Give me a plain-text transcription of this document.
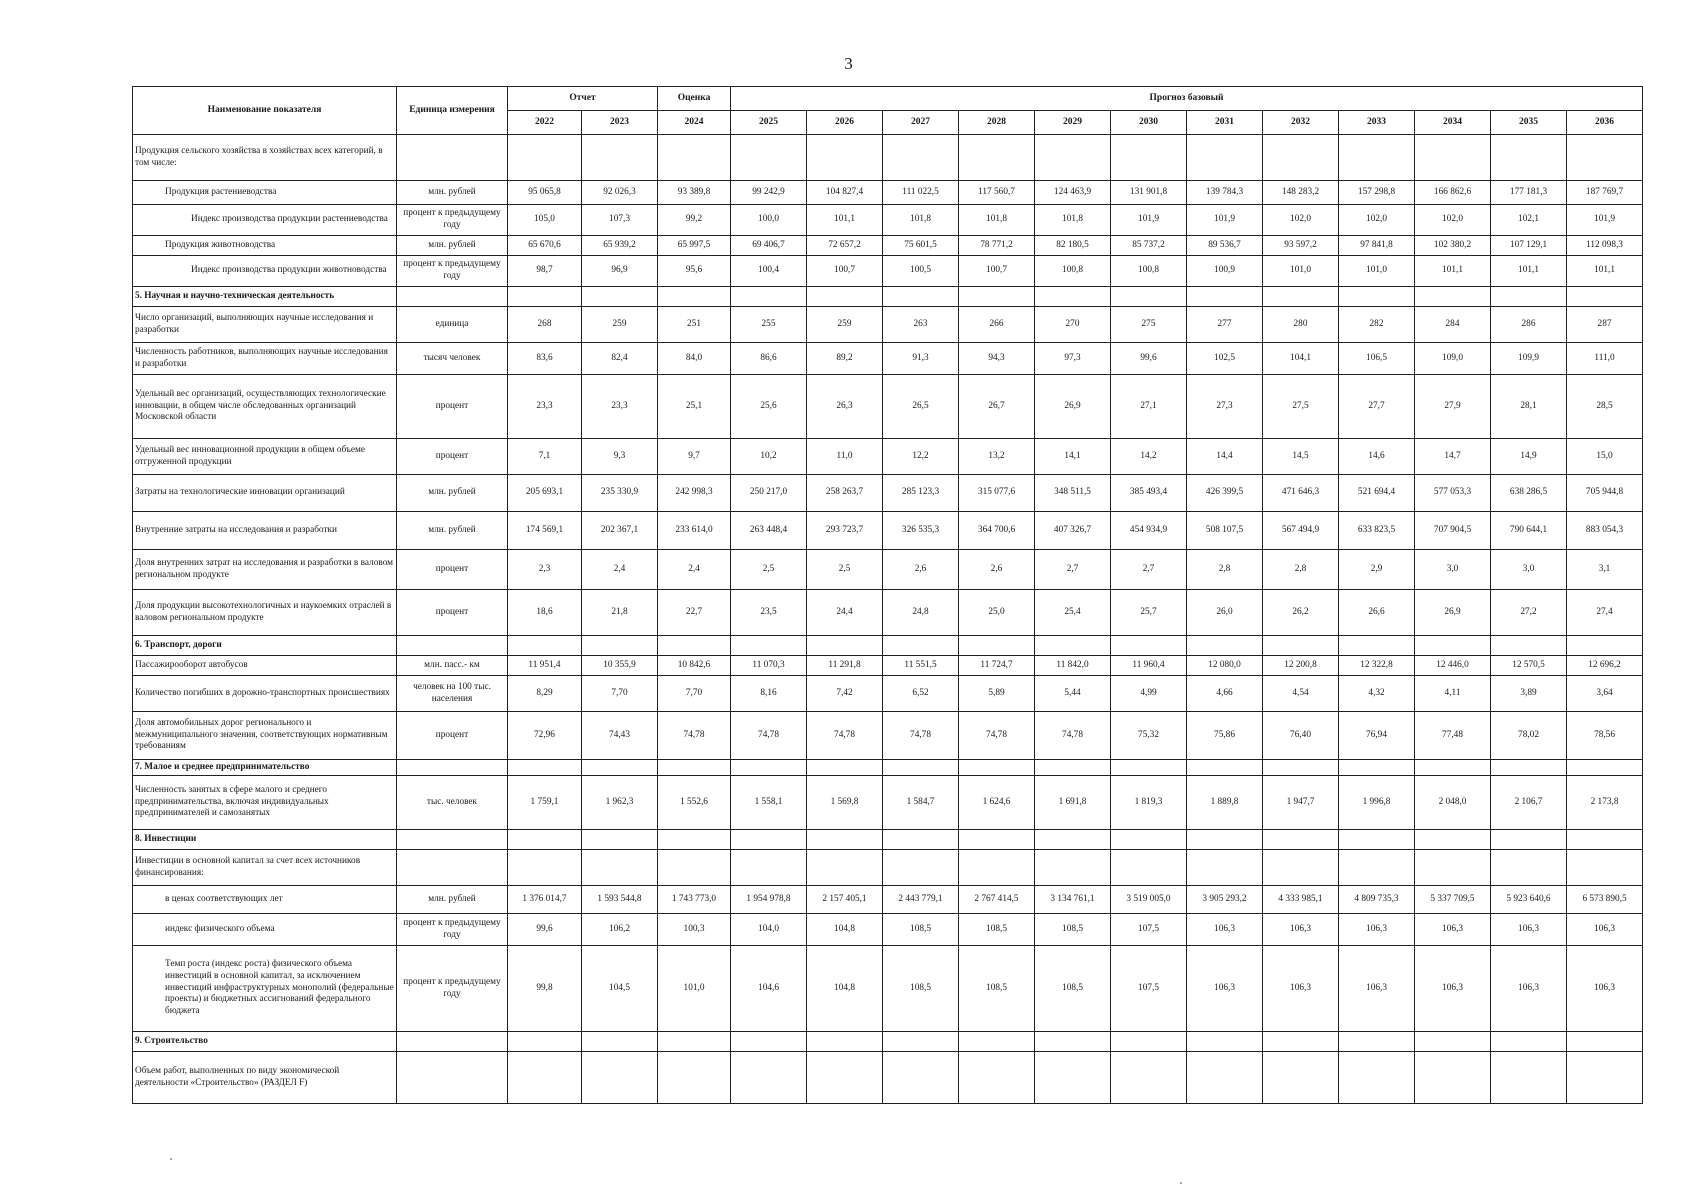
3
Наименование показателя	Единица измерения	Отчет		Оценка	Прогноз базовый											
		2022	2023	2024	2025	2026	2027	2028	2029	2030	2031	2032	2033	2034	2035	2036
Продукция сельского хозяйства в хозяйствах всех категорий, в том числе:																
Продукция растениеводства	млн. рублей	95 065,8	92 026,3	93 389,8	99 242,9	104 827,4	111 022,5	117 560,7	124 463,9	131 901,8	139 784,3	148 283,2	157 298,8	166 862,6	177 181,3	187 769,7
Индекс производства продукции растениеводства	процент к предыдущему году	105,0	107,3	99,2	100,0	101,1	101,8	101,8	101,8	101,9	101,9	102,0	102,0	102,0	102,1	101,9
Продукция животноводства	млн. рублей	65 670,6	65 939,2	65 997,5	69 406,7	72 657,2	75 601,5	78 771,2	82 180,5	85 737,2	89 536,7	93 597,2	97 841,8	102 380,2	107 129,1	112 098,3
Индекс производства продукции животноводства	процент к предыдущему году	98,7	96,9	95,6	100,4	100,7	100,5	100,7	100,8	100,8	100,9	101,0	101,0	101,1	101,1	101,1
5. Научная и научно-техническая деятельность																
Число организаций, выполняющих научные исследования и разработки	единица	268	259	251	255	259	263	266	270	275	277	280	282	284	286	287
Численность работников, выполняющих научные исследования и разработки	тысяч человек	83,6	82,4	84,0	86,6	89,2	91,3	94,3	97,3	99,6	102,5	104,1	106,5	109,0	109,9	111,0
Удельный вес организаций, осуществляющих технологические инновации, в общем числе обследованных организаций Московской области	процент	23,3	23,3	25,1	25,6	26,3	26,5	26,7	26,9	27,1	27,3	27,5	27,7	27,9	28,1	28,5
Удельный вес инновационной продукции в общем объеме отгруженной продукции	процент	7,1	9,3	9,7	10,2	11,0	12,2	13,2	14,1	14,2	14,4	14,5	14,6	14,7	14,9	15,0
Затраты на технологические инновации организаций	млн. рублей	205 693,1	235 330,9	242 998,3	250 217,0	258 263,7	285 123,3	315 077,6	348 511,5	385 493,4	426 399,5	471 646,3	521 694,4	577 053,3	638 286,5	705 944,8
Внутренние затраты на исследования и разработки	млн. рублей	174 569,1	202 367,1	233 614,0	263 448,4	293 723,7	326 535,3	364 700,6	407 326,7	454 934,9	508 107,5	567 494,9	633 823,5	707 904,5	790 644,1	883 054,3
Доля внутренних затрат на исследования и разработки в валовом региональном продукте	процент	2,3	2,4	2,4	2,5	2,5	2,6	2,6	2,7	2,7	2,8	2,8	2,9	3,0	3,0	3,1
Доля продукции высокотехнологичных и наукоемких отраслей в валовом региональном продукте	процент	18,6	21,8	22,7	23,5	24,4	24,8	25,0	25,4	25,7	26,0	26,2	26,6	26,9	27,2	27,4
6. Транспорт, дороги																
Пассажирооборот автобусов	млн. пасс.- км	11 951,4	10 355,9	10 842,6	11 070,3	11 291,8	11 551,5	11 724,7	11 842,0	11 960,4	12 080,0	12 200,8	12 322,8	12 446,0	12 570,5	12 696,2
Количество погибших в дорожно-транспортных происшествиях	человек на 100 тыс. населения	8,29	7,70	7,70	8,16	7,42	6,52	5,89	5,44	4,99	4,66	4,54	4,32	4,11	3,89	3,64
Доля автомобильных дорог регионального и межмуниципального значения, соответствующих нормативным требованиям	процент	72,96	74,43	74,78	74,78	74,78	74,78	74,78	74,78	75,32	75,86	76,40	76,94	77,48	78,02	78,56
7. Малое и среднее предпринимательство																
Численность занятых в сфере малого и среднего предпринимательства, включая индивидуальных предпринимателей и самозанятых	тыс. человек	1 759,1	1 962,3	1 552,6	1 558,1	1 569,8	1 584,7	1 624,6	1 691,8	1 819,3	1 889,8	1 947,7	1 996,8	2 048,0	2 106,7	2 173,8
8. Инвестиции																
Инвестиции в основной капитал за счет всех источников финансирования:																
в ценах соответствующих лет	млн. рублей	1 376 014,7	1 593 544,8	1 743 773,0	1 954 978,8	2 157 405,1	2 443 779,1	2 767 414,5	3 134 761,1	3 519 005,0	3 905 293,2	4 333 985,1	4 809 735,3	5 337 709,5	5 923 640,6	6 573 890,5
индекс физического объема	процент к предыдущему году	99,6	106,2	100,3	104,0	104,8	108,5	108,5	108,5	107,5	106,3	106,3	106,3	106,3	106,3	106,3
Темп роста (индекс роста) физического объема инвестиций в основной капитал, за исключением инвестиций инфраструктурных монополий (федеральные проекты) и бюджетных ассигнований федерального бюджета	процент к предыдущему году	99,8	104,5	101,0	104,6	104,8	108,5	108,5	108,5	107,5	106,3	106,3	106,3	106,3	106,3	106,3
9. Строительство																
Объем работ, выполненных по виду экономической деятельности «Строительство» (РАЗДЕЛ F)																
